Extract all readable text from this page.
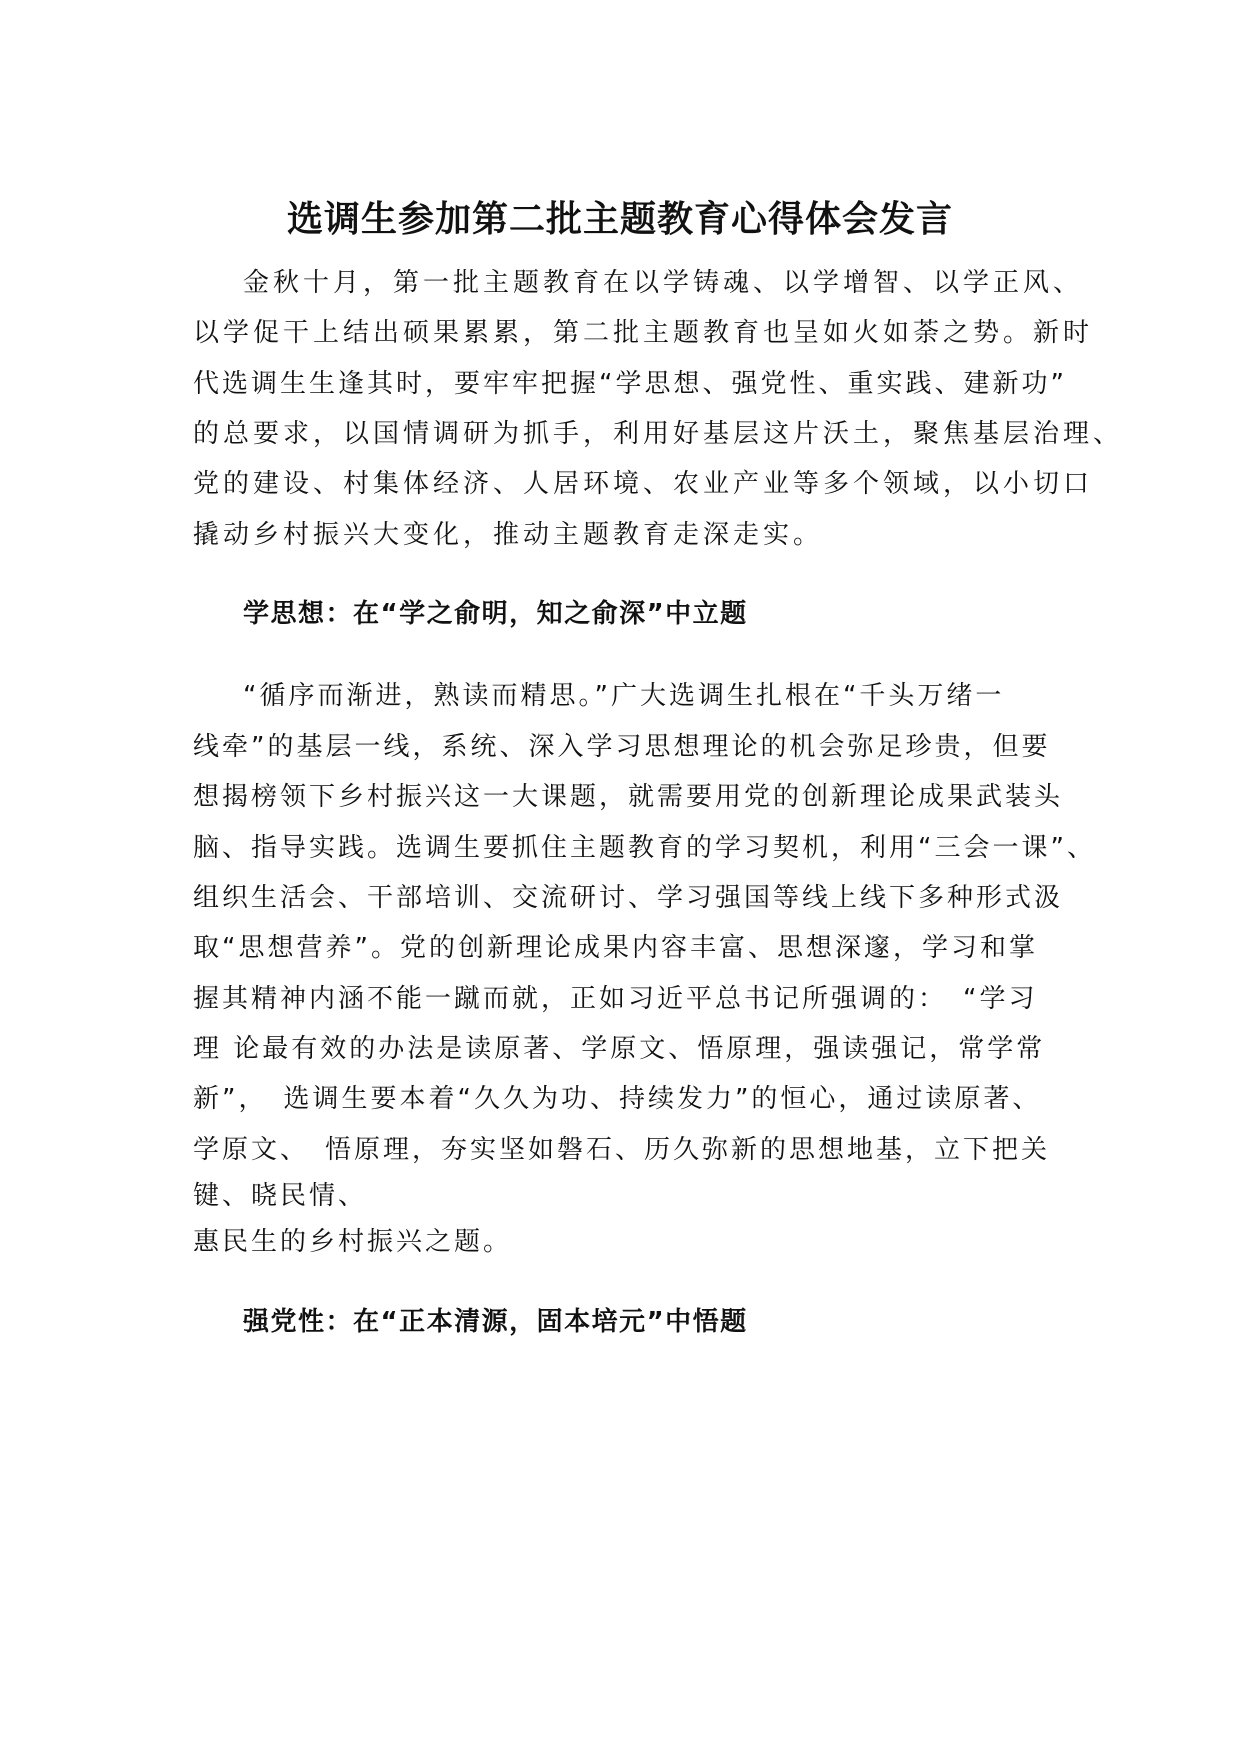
选调生参加第二批主题教育心得体会发言
金秋十月，第一批主题教育在以学铸魂、以学增智、以学正风、
以学促干上结出硕果累累，第二批主题教育也呈如火如荼之势。新时
代选调生生逢其时，要牢牢把握“学思想、强党性、重实践、建新功”
的总要求，以国情调研为抓手，利用好基层这片沃土，聚焦基层治理、
党的建设、村集体经济、人居环境、农业产业等多个领域，以小切口
撬动乡村振兴大变化，推动主题教育走深走实。
学思想：在“学之俞明，知之俞深”中立题
“循序而渐进，熟读而精思。”广大选调生扎根在“千头万绪一
线牵”的基层一线，系统、深入学习思想理论的机会弥足珍贵，但要
想揭榜领下乡村振兴这一大课题，就需要用党的创新理论成果武装头
脑、指导实践。选调生要抓住主题教育的学习契机，利用“三会一课”、
组织生活会、干部培训、交流研讨、学习强国等线上线下多种形式汲
取“思想营养”。党的创新理论成果内容丰富、思想深邃，学习和掌
握其精神内涵不能一蹴而就，正如习近平总书记所强调的：　“学习
理 论最有效的办法是读原著、学原文、悟原理，强读强记，常学常
新”，　选调生要本着“久久为功、持续发力”的恒心，通过读原著、
学原文、　悟原理，夯实坚如磐石、历久弥新的思想地基，立下把关
键、晓民情、
惠民生的乡村振兴之题。
强党性：在“正本清源，固本培元”中悟题
